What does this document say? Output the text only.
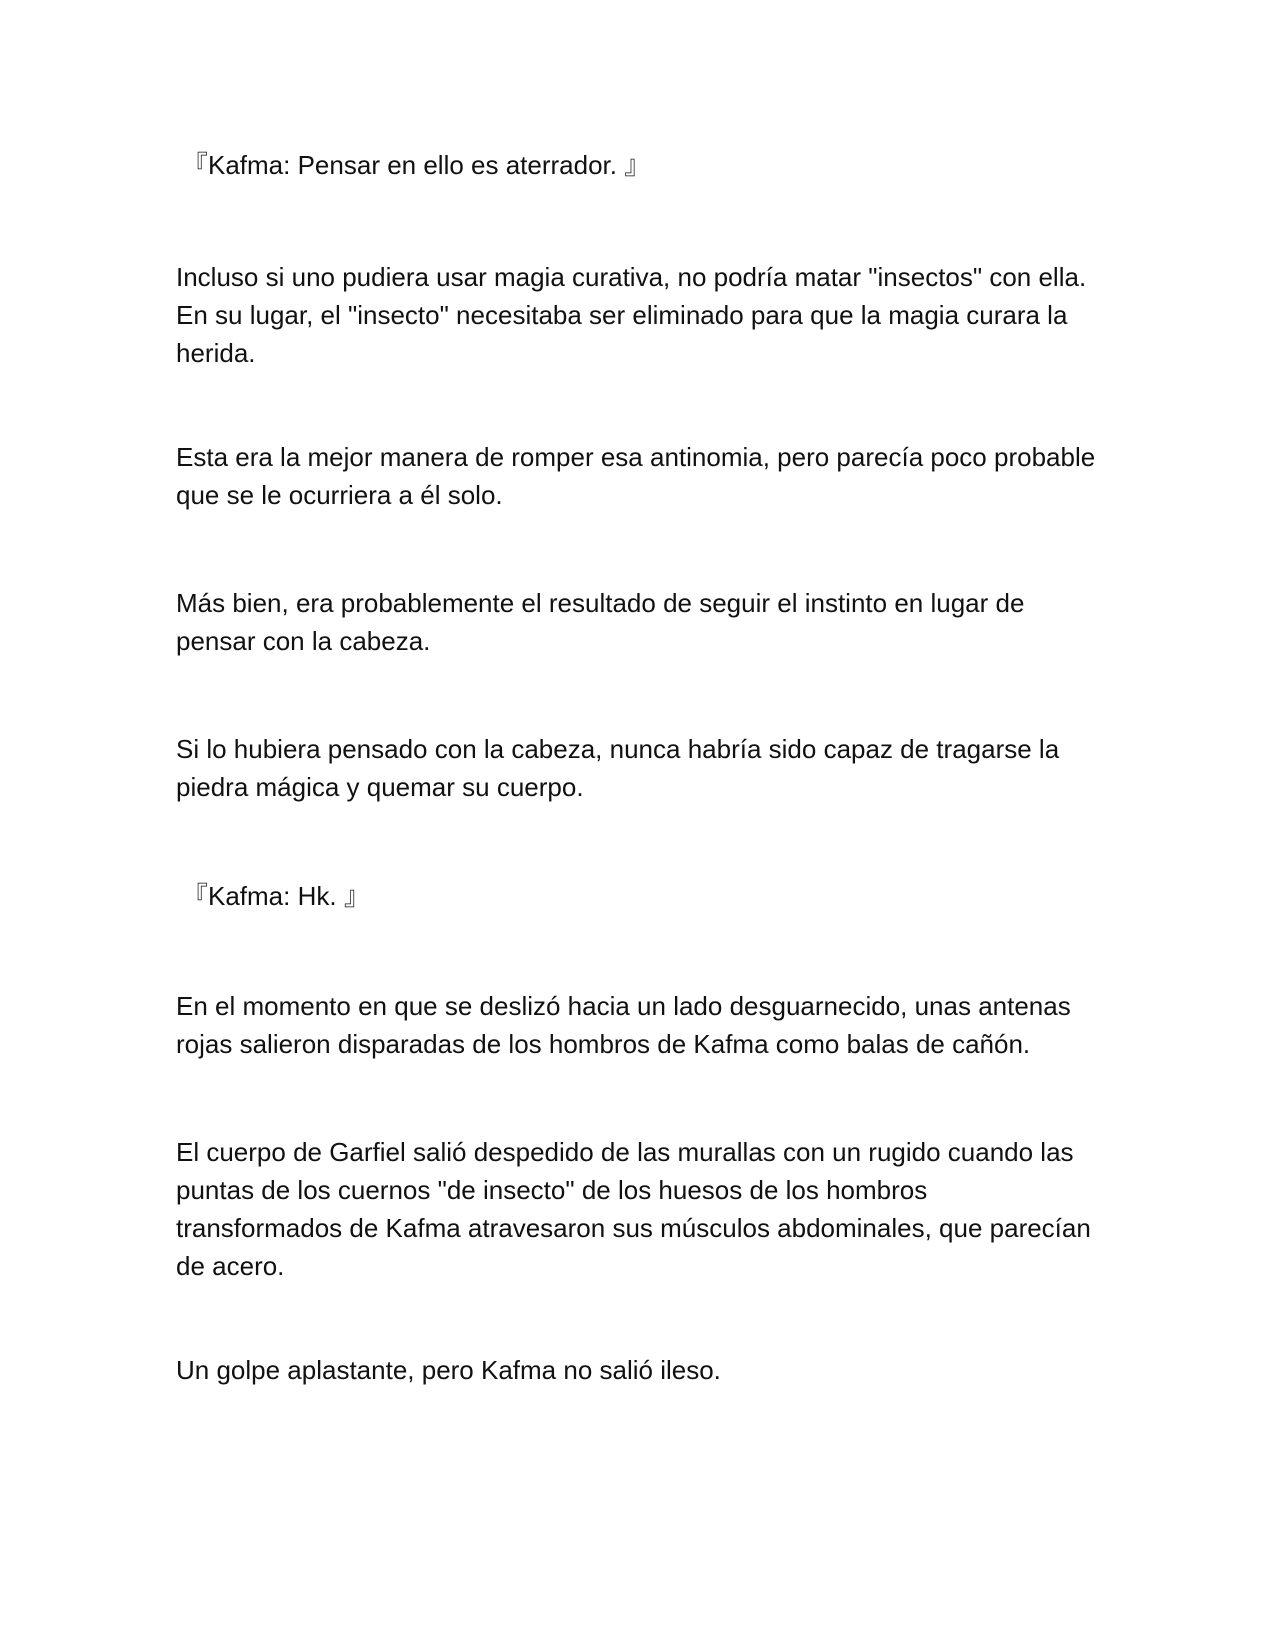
『Kafma: Pensar en ello es aterrador. 』

Incluso si uno pudiera usar magia curativa, no podría matar "insectos" con ella. En su lugar, el "insecto" necesitaba ser eliminado para que la magia curara la herida.

Esta era la mejor manera de romper esa antinomia, pero parecía poco probable que se le ocurriera a él solo.

Más bien, era probablemente el resultado de seguir el instinto en lugar de pensar con la cabeza.

Si lo hubiera pensado con la cabeza, nunca habría sido capaz de tragarse la piedra mágica y quemar su cuerpo.

『Kafma: Hk. 』

En el momento en que se deslizó hacia un lado desguarnecido, unas antenas rojas salieron disparadas de los hombros de Kafma como balas de cañón.

El cuerpo de Garfiel salió despedido de las murallas con un rugido cuando las puntas de los cuernos "de insecto" de los huesos de los hombros transformados de Kafma atravesaron sus músculos abdominales, que parecían de acero.

Un golpe aplastante, pero Kafma no salió ileso.
